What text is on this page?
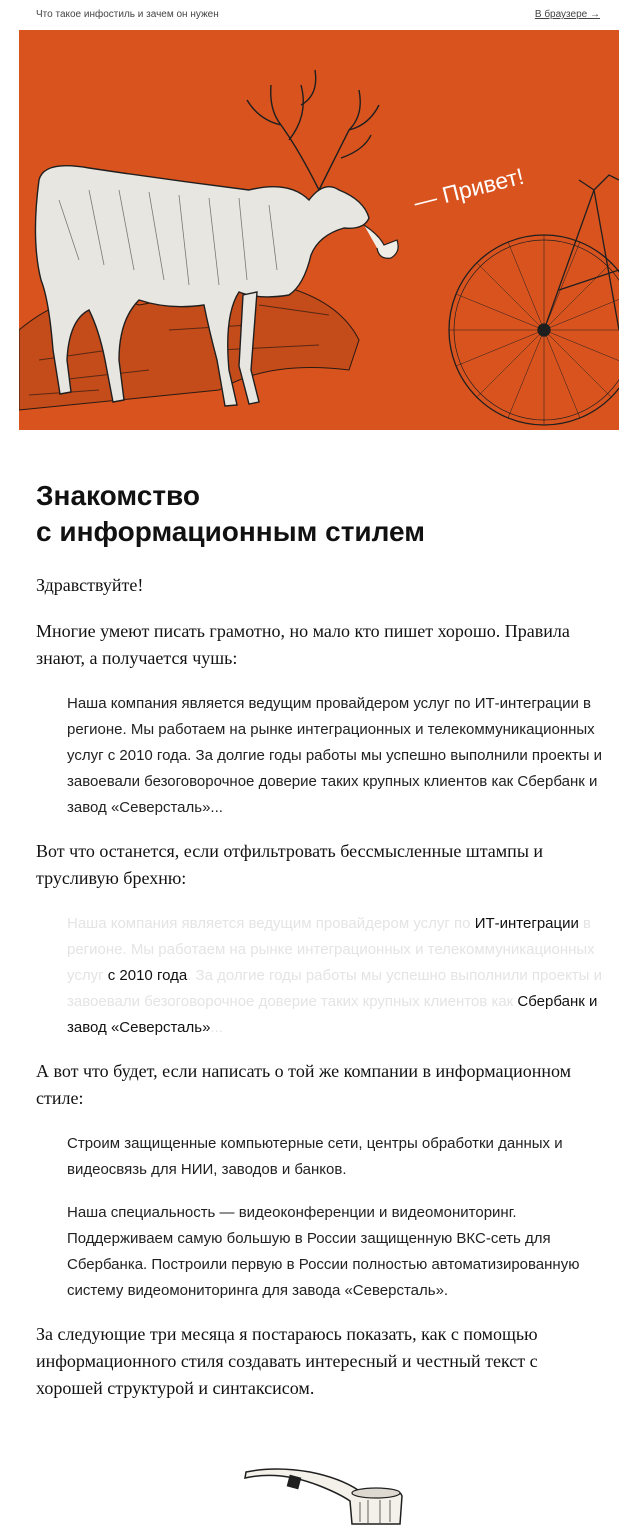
Что такое инфостиль и зачем он нужен	В браузере →
— Привет!
Знакомство
с информационным стилем

Здравствуйте!

Многие умеют писать грамотно, но мало кто пишет хорошо. Правила знают, а получается чушь:

Наша компания является ведущим провайдером услуг по ИТ-интеграции в регионе. Мы работаем на рынке интеграционных и телекоммуникационных услуг с 2010 года. За долгие годы работы мы успешно выполнили проекты и завоевали безоговорочное доверие таких крупных клиентов как Сбербанк и завод «Северсталь»...

Вот что останется, если отфильтровать бессмысленные штампы и трусливую брехню:

Наша компания является ведущим провайдером услуг по ИТ-интеграции в регионе. Мы работаем на рынке интеграционных и телекоммуникационных услуг с 2010 года. За долгие годы работы мы успешно выполнили проекты и завоевали безоговорочное доверие таких крупных клиентов как Сбербанк и завод «Северсталь»...

А вот что будет, если написать о той же компании в информационном стиле:

Строим защищенные компьютерные сети, центры обработки данных и видеосвязь для НИИ, заводов и банков.

Наша специальность — видеоконференции и видеомониторинг. Поддерживаем самую большую в России защищенную ВКС-сеть для Сбербанка. Построили первую в России полностью автоматизированную систему видеомониторинга для завода «Северсталь».

За следующие три месяца я постараюсь показать, как с помощью информационного стиля создавать интересный и честный текст с хорошей структурой и синтаксисом.
